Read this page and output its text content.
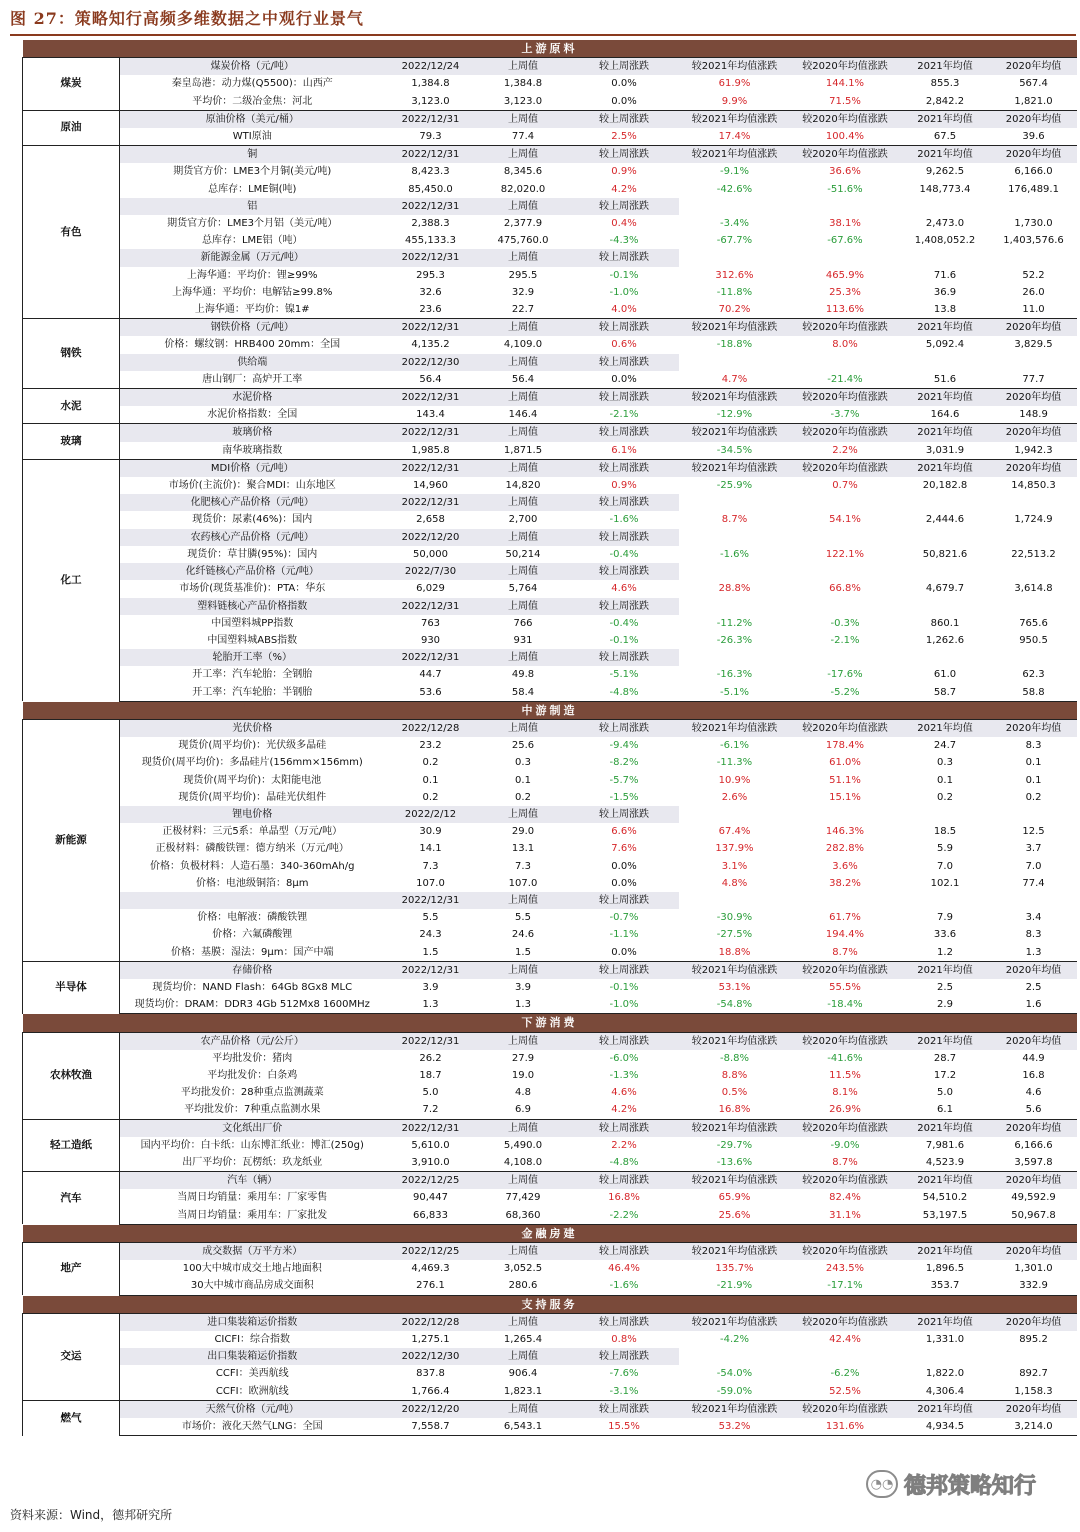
图 27：策略知行高频多维数据之中观行业景气
上游原料								
煤炭	煤炭价格（元/吨）	2022/12/24	上周值	较上周涨跌	较2021年均值涨跌	较2020年均值涨跌	2021年均值	2020年均值
	秦皇岛港：动力煤(Q5500)：山西产	1,384.8	1,384.8	0.0%	61.9%	144.1%	855.3	567.4
	平均价：二级冶金焦：河北	3,123.0	3,123.0	0.0%	9.9%	71.5%	2,842.2	1,821.0
原油	原油价格（美元/桶）	2022/12/31	上周值	较上周涨跌	较2021年均值涨跌	较2020年均值涨跌	2021年均值	2020年均值
	WTI原油	79.3	77.4	2.5%	17.4%	100.4%	67.5	39.6
有色	铜	2022/12/31	上周值	较上周涨跌	较2021年均值涨跌	较2020年均值涨跌	2021年均值	2020年均值
	期货官方价：LME3个月铜(美元/吨)	8,423.3	8,345.6	0.9%	-9.1%	36.6%	9,262.5	6,166.0
	总库存：LME铜(吨)	85,450.0	82,020.0	4.2%	-42.6%	-51.6%	148,773.4	176,489.1
	铝	2022/12/31	上周值	较上周涨跌				
	期货官方价：LME3个月铝（美元/吨）	2,388.3	2,377.9	0.4%	-3.4%	38.1%	2,473.0	1,730.0
	总库存：LME铝（吨）	455,133.3	475,760.0	-4.3%	-67.7%	-67.6%	1,408,052.2	1,403,576.6
	新能源金属（万元/吨）	2022/12/31	上周值	较上周涨跌				
	上海华通：平均价：锂≥99%	295.3	295.5	-0.1%	312.6%	465.9%	71.6	52.2
	上海华通：平均价：电解钴≥99.8%	32.6	32.9	-1.0%	-11.8%	25.3%	36.9	26.0
	上海华通：平均价：镍1#	23.6	22.7	4.0%	70.2%	113.6%	13.8	11.0
钢铁	钢铁价格（元/吨）	2022/12/31	上周值	较上周涨跌	较2021年均值涨跌	较2020年均值涨跌	2021年均值	2020年均值
	价格：螺纹钢：HRB400 20mm：全国	4,135.2	4,109.0	0.6%	-18.8%	8.0%	5,092.4	3,829.5
	供给端	2022/12/30	上周值	较上周涨跌				
	唐山钢厂：高炉开工率	56.4	56.4	0.0%	4.7%	-21.4%	51.6	77.7
水泥	水泥价格	2022/12/31	上周值	较上周涨跌	较2021年均值涨跌	较2020年均值涨跌	2021年均值	2020年均值
	水泥价格指数：全国	143.4	146.4	-2.1%	-12.9%	-3.7%	164.6	148.9
玻璃	玻璃价格	2022/12/31	上周值	较上周涨跌	较2021年均值涨跌	较2020年均值涨跌	2021年均值	2020年均值
	南华玻璃指数	1,985.8	1,871.5	6.1%	-34.5%	2.2%	3,031.9	1,942.3
化工	MDI价格（元/吨）	2022/12/31	上周值	较上周涨跌	较2021年均值涨跌	较2020年均值涨跌	2021年均值	2020年均值
	市场价(主流价)：聚合MDI：山东地区	14,960	14,820	0.9%	-25.9%	0.7%	20,182.8	14,850.3
	化肥核心产品价格（元/吨）	2022/12/31	上周值	较上周涨跌				
	现货价：尿素(46%)：国内	2,658	2,700	-1.6%	8.7%	54.1%	2,444.6	1,724.9
	农药核心产品价格（元/吨）	2022/12/20	上周值	较上周涨跌				
	现货价：草甘膦(95%)：国内	50,000	50,214	-0.4%	-1.6%	122.1%	50,821.6	22,513.2
	化纤链核心产品价格（元/吨）	2022/7/30	上周值	较上周涨跌				
	市场价(现货基准价)：PTA：华东	6,029	5,764	4.6%	28.8%	66.8%	4,679.7	3,614.8
	塑料链核心产品价格指数	2022/12/31	上周值	较上周涨跌				
	中国塑料城PP指数	763	766	-0.4%	-11.2%	-0.3%	860.1	765.6
	中国塑料城ABS指数	930	931	-0.1%	-26.3%	-2.1%	1,262.6	950.5
	轮胎开工率（%）	2022/12/31	上周值	较上周涨跌				
	开工率：汽车轮胎：全钢胎	44.7	49.8	-5.1%	-16.3%	-17.6%	61.0	62.3
	开工率：汽车轮胎：半钢胎	53.6	58.4	-4.8%	-5.1%	-5.2%	58.7	58.8
中游制造								
新能源	光伏价格	2022/12/28	上周值	较上周涨跌	较2021年均值涨跌	较2020年均值涨跌	2021年均值	2020年均值
	现货价(周平均价)：光伏级多晶硅	23.2	25.6	-9.4%	-6.1%	178.4%	24.7	8.3
	现货价(周平均价)：多晶硅片(156mm×156mm)	0.2	0.3	-8.2%	-11.3%	61.0%	0.3	0.1
	现货价(周平均价)：太阳能电池	0.1	0.1	-5.7%	10.9%	51.1%	0.1	0.1
	现货价(周平均价)：晶硅光伏组件	0.2	0.2	-1.5%	2.6%	15.1%	0.2	0.2
	锂电价格	2022/2/12	上周值	较上周涨跌				
	正极材料：三元5系：单晶型（万元/吨）	30.9	29.0	6.6%	67.4%	146.3%	18.5	12.5
	正极材料：磷酸铁锂：德方纳米（万元/吨）	14.1	13.1	7.6%	137.9%	282.8%	5.9	3.7
	价格：负极材料：人造石墨：340-360mAh/g	7.3	7.3	0.0%	3.1%	3.6%	7.0	7.0
	价格：电池级铜箔：8μm	107.0	107.0	0.0%	4.8%	38.2%	102.1	77.4
		2022/12/31	上周值	较上周涨跌				
	价格：电解液：磷酸铁锂	5.5	5.5	-0.7%	-30.9%	61.7%	7.9	3.4
	价格：六氟磷酸锂	24.3	24.6	-1.1%	-27.5%	194.4%	33.6	8.3
	价格：基膜：湿法：9μm：国产中端	1.5	1.5	0.0%	18.8%	8.7%	1.2	1.3
半导体	存储价格	2022/12/31	上周值	较上周涨跌	较2021年均值涨跌	较2020年均值涨跌	2021年均值	2020年均值
	现货均价：NAND Flash：64Gb 8Gx8 MLC	3.9	3.9	-0.1%	53.1%	55.5%	2.5	2.5
	现货均价：DRAM：DDR3 4Gb 512Mx8 1600MHz	1.3	1.3	-1.0%	-54.8%	-18.4%	2.9	1.6
下游消费								
农林牧渔	农产品价格（元/公斤）	2022/12/31	上周值	较上周涨跌	较2021年均值涨跌	较2020年均值涨跌	2021年均值	2020年均值
	平均批发价：猪肉	26.2	27.9	-6.0%	-8.8%	-41.6%	28.7	44.9
	平均批发价：白条鸡	18.7	19.0	-1.3%	8.8%	11.5%	17.2	16.8
	平均批发价：28种重点监测蔬菜	5.0	4.8	4.6%	0.5%	8.1%	5.0	4.6
	平均批发价：7种重点监测水果	7.2	6.9	4.2%	16.8%	26.9%	6.1	5.6
轻工造纸	文化纸出厂价	2022/12/31	上周值	较上周涨跌	较2021年均值涨跌	较2020年均值涨跌	2021年均值	2020年均值
	国内平均价：白卡纸：山东博汇纸业：博汇(250g)	5,610.0	5,490.0	2.2%	-29.7%	-9.0%	7,981.6	6,166.6
	出厂平均价：瓦楞纸：玖龙纸业	3,910.0	4,108.0	-4.8%	-13.6%	8.7%	4,523.9	3,597.8
汽车	汽车（辆）	2022/12/25	上周值	较上周涨跌	较2021年均值涨跌	较2020年均值涨跌	2021年均值	2020年均值
	当周日均销量：乘用车：厂家零售	90,447	77,429	16.8%	65.9%	82.4%	54,510.2	49,592.9
	当周日均销量：乘用车：厂家批发	66,833	68,360	-2.2%	25.6%	31.1%	53,197.5	50,967.8
金融房建								
地产	成交数据（万平方米）	2022/12/25	上周值	较上周涨跌	较2021年均值涨跌	较2020年均值涨跌	2021年均值	2020年均值
	100大中城市成交土地占地面积	4,469.3	3,052.5	46.4%	135.7%	243.5%	1,896.5	1,301.0
	30大中城市商品房成交面积	276.1	280.6	-1.6%	-21.9%	-17.1%	353.7	332.9
支持服务								
交运	进口集装箱运价指数	2022/12/28	上周值	较上周涨跌	较2021年均值涨跌	较2020年均值涨跌	2021年均值	2020年均值
	CICFI：综合指数	1,275.1	1,265.4	0.8%	-4.2%	42.4%	1,331.0	895.2
	出口集装箱运价指数	2022/12/30	上周值	较上周涨跌				
	CCFI：美西航线	837.8	906.4	-7.6%	-54.0%	-6.2%	1,822.0	892.7
	CCFI：欧洲航线	1,766.4	1,823.1	-3.1%	-59.0%	52.5%	4,306.4	1,158.3
燃气	天然气价格（元/吨）	2022/12/20	上周值	较上周涨跌	较2021年均值涨跌	较2020年均值涨跌	2021年均值	2020年均值
	市场价：液化天然气LNG：全国	7,558.7	6,543.1	15.5%	53.2%	131.6%	4,934.5	3,214.0
资料来源：Wind，德邦研究所
◔◔ 德邦策略知行
